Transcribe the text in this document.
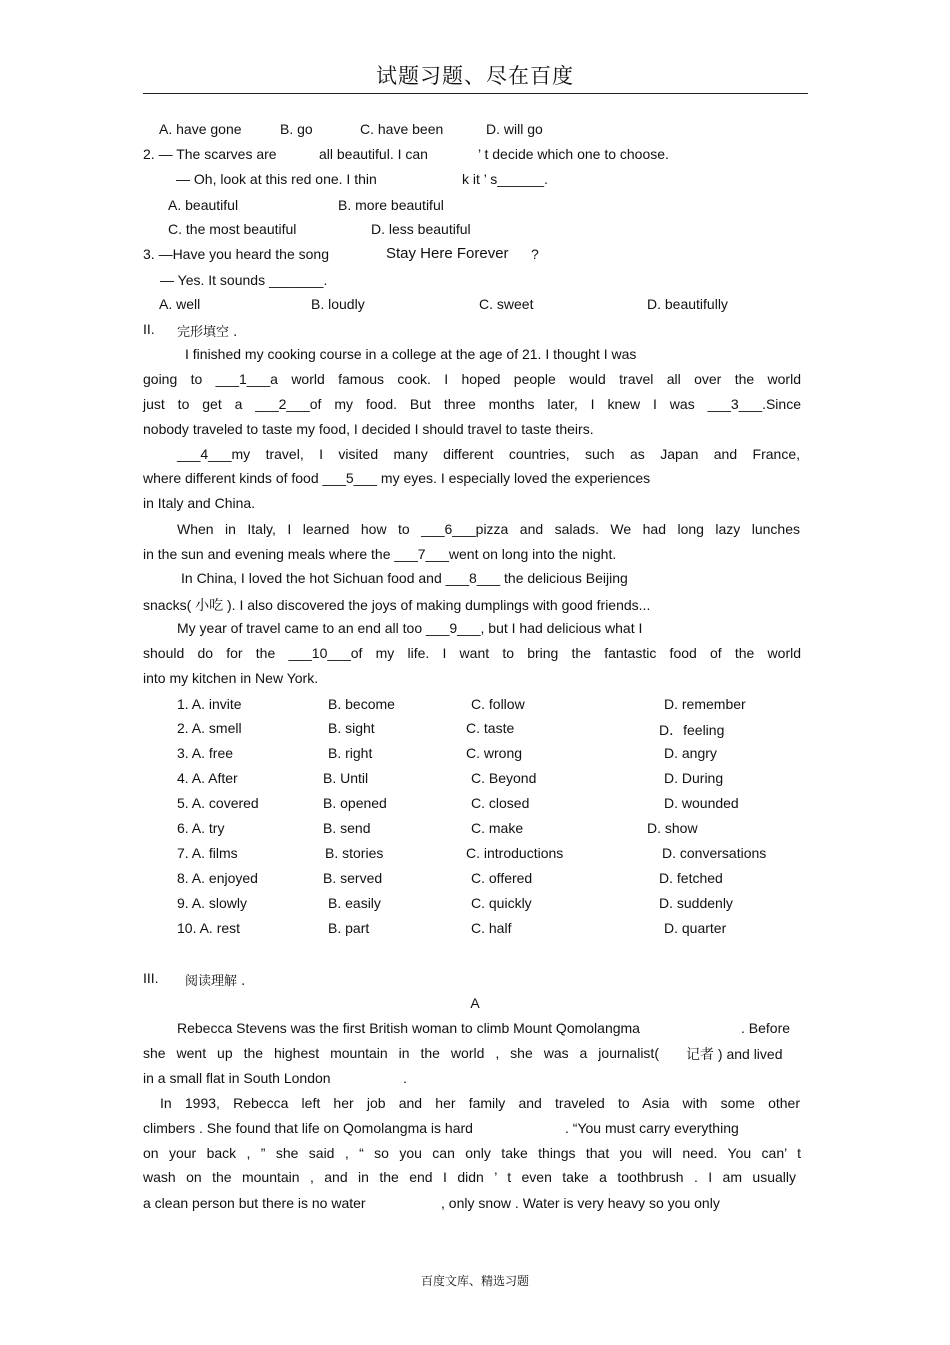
试题习题、尽在百度
A. have gone	B. go	C. have been	D. will go
2. — The scarves are	all beautiful. I can	’ t decide which one to choose.
— Oh, look at this red one. I thin	k it ’ s______.
A. beautiful	B. more beautiful
C. the most beautiful	D. less beautiful
3. —Have you heard the song	Stay Here Forever ?
— Yes. It sounds _______.
A. well	B. loudly	C. sweet	D. beautifully
II. 完形填空 .
I finished my cooking course in a college at the age of 21. I thought I was
going to ___1___a world famous cook. I hoped people would travel all over the world
just to get a ___2___of my food. But three months later, I knew I was ___3___.Since
nobody traveled to taste my food, I decided I should travel to taste theirs.
___4___my travel, I visited many different countries, such as Japan and France,
where different kinds of food ___5___ my eyes. I especially loved the experiences
in Italy and China.
When in Italy, I learned how to ___6___pizza and salads. We had long lazy lunches
in the sun and evening meals where the ___7___went on long into the night.
In China, I loved the hot Sichuan food and ___8___ the delicious Beijing
snacks( 小吃 ). I also discovered the joys of making dumplings with good friends...
My year of travel came to an end all too ___9___, but I had delicious what I
should do for the ___10___of my life. I want to bring the fantastic food of the world
into my kitchen in New York.
1. A. invite	B. become	C. follow	D. remember
2. A. smell	B. sight	C. taste	D．feeling
3. A. free	B. right	C. wrong	D. angry
4. A. After	B. Until	C. Beyond	D. During
5. A. covered	B. opened	C. closed	D. wounded
6. A. try	B. send	C. make	D. show
7. A. films	B. stories	C. introductions	D. conversations
8. A. enjoyed	B. served	C. offered	D. fetched
9. A. slowly	B. easily	C. quickly	D. suddenly
10. A. rest	B. part	C. half	D. quarter
III. 阅读理解 .
A
Rebecca Stevens was the first British woman to climb Mount Qomolangma	. Before
she went up the highest mountain in the world , she was a journalist( 记者 ) and lived
in a small flat in South London	.
In 1993, Rebecca left her job and her family and traveled to Asia with some other
climbers . She found that life on Qomolangma is hard	. “You must carry everything
on your back , ” she said , “ so you can only take things that you will need. You can’ t
wash on the mountain , and in the end I didn ’ t even take a toothbrush . I am usually
a clean person but there is no water	, only snow . Water is very heavy so you only
百度文库、精选习题
